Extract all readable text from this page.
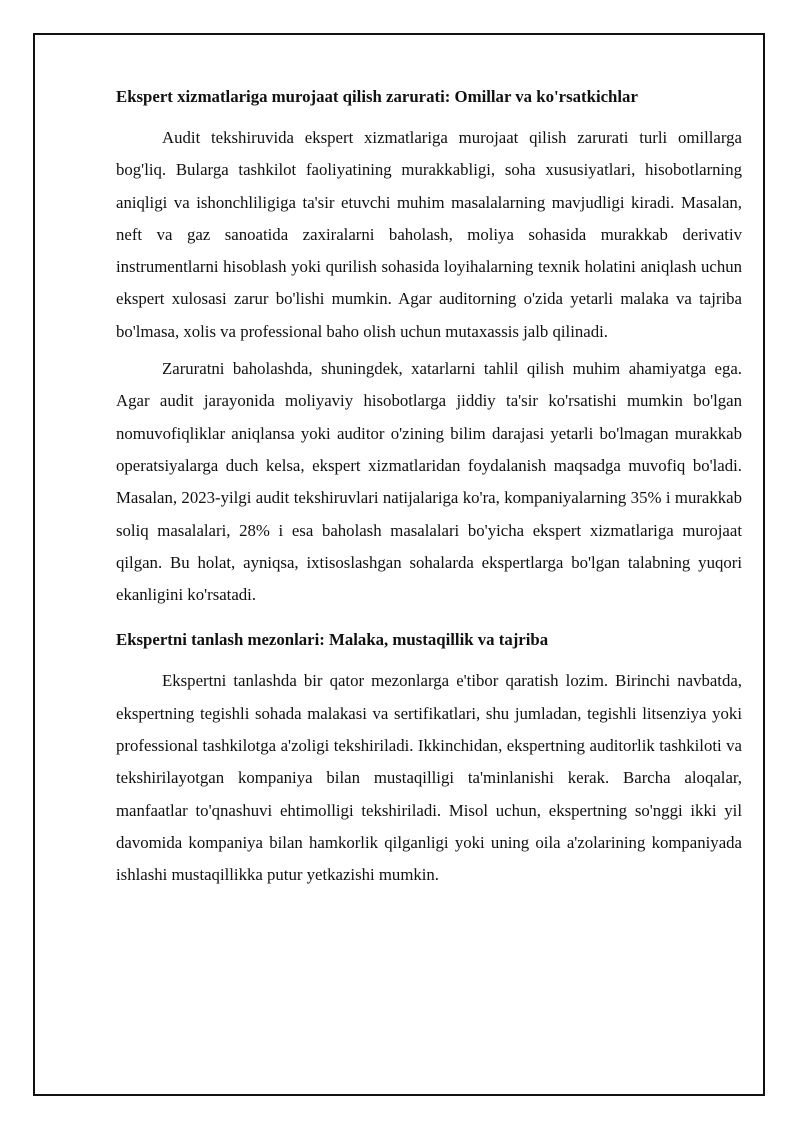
Ekspert xizmatlariga murojaat qilish zarurati: Omillar va ko'rsatkichlar

Audit tekshiruvida ekspert xizmatlariga murojaat qilish zarurati turli omillarga bog'liq. Bularga tashkilot faoliyatining murakkabligi, soha xususiyatlari, hisobotlarning aniqligi va ishonchliligiga ta'sir etuvchi muhim masalalarning mavjudligi kiradi. Masalan, neft va gaz sanoatida zaxiralarni baholash, moliya sohasida murakkab derivativ instrumentlarni hisoblash yoki qurilish sohasida loyihalarning texnik holatini aniqlash uchun ekspert xulosasi zarur bo'lishi mumkin. Agar auditorning o'zida yetarli malaka va tajriba bo'lmasa, xolis va professional baho olish uchun mutaxassis jalb qilinadi.

Zaruratni baholashda, shuningdek, xatarlarni tahlil qilish muhim ahamiyatga ega. Agar audit jarayonida moliyaviy hisobotlarga jiddiy ta'sir ko'rsatishi mumkin bo'lgan nomuvofiqliklar aniqlansa yoki auditor o'zining bilim darajasi yetarli bo'lmagan murakkab operatsiyalarga duch kelsa, ekspert xizmatlaridan foydalanish maqsadga muvofiq bo'ladi. Masalan, 2023-yilgi audit tekshiruvlari natijalariga ko'ra, kompaniyalarning 35% i murakkab soliq masalalari, 28% i esa baholash masalalari bo'yicha ekspert xizmatlariga murojaat qilgan. Bu holat, ayniqsa, ixtisoslashgan sohalarda ekspertlarga bo'lgan talabning yuqori ekanligini ko'rsatadi.

Ekspertni tanlash mezonlari: Malaka, mustaqillik va tajriba

Ekspertni tanlashda bir qator mezonlarga e'tibor qaratish lozim. Birinchi navbatda, ekspertning tegishli sohada malakasi va sertifikatlari, shu jumladan, tegishli litsenziya yoki professional tashkilotga a'zoligi tekshiriladi. Ikkinchidan, ekspertning auditorlik tashkiloti va tekshirilayotgan kompaniya bilan mustaqilligi ta'minlanishi kerak. Barcha aloqalar, manfaatlar to'qnashuvi ehtimolligi tekshiriladi. Misol uchun, ekspertning so'nggi ikki yil davomida kompaniya bilan hamkorlik qilganligi yoki uning oila a'zolarining kompaniyada ishlashi mustaqillikka putur yetkazishi mumkin.
